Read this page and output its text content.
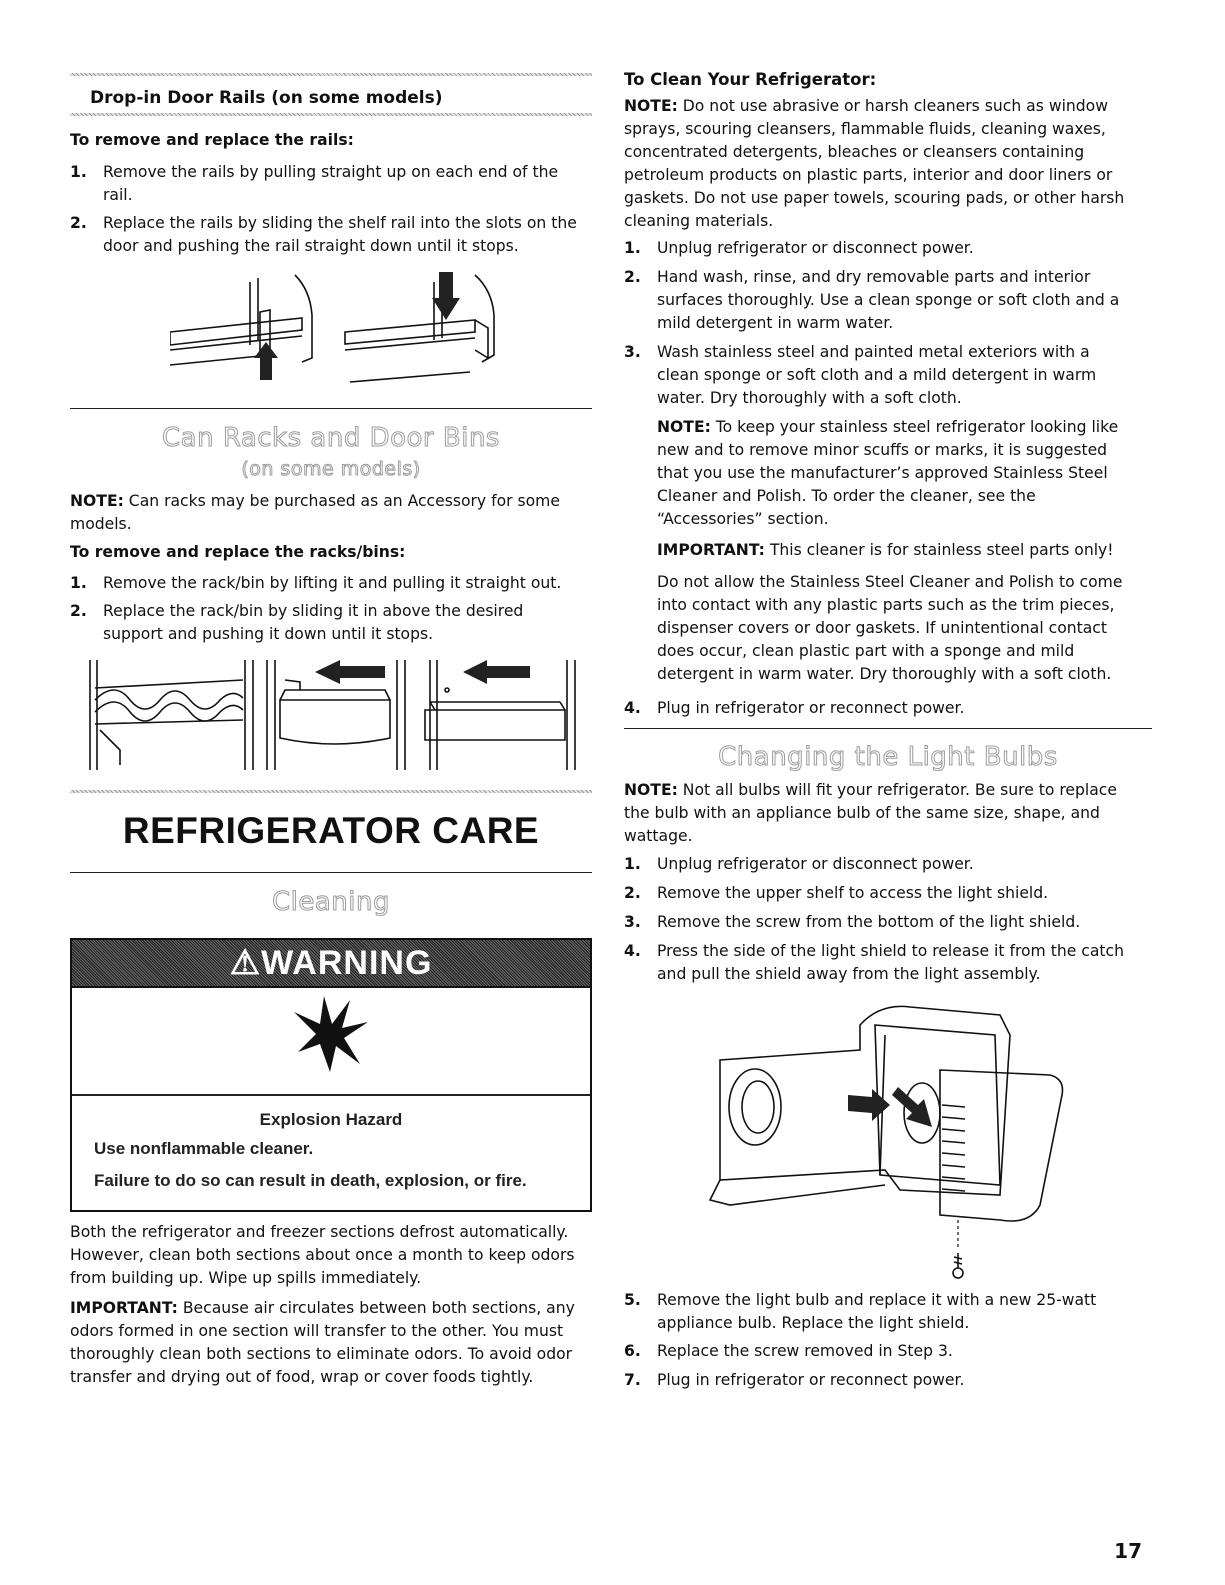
Drop-in Door Rails (on some models)
To remove and replace the rails:
1. Remove the rails by pulling straight up on each end of the
rail.
2. Replace the rails by sliding the shelf rail into the slots on the
door and pushing the rail straight down until it stops.
Can Racks and Door Bins
(on some models)

NOTE: Can racks may be purchased as an Accessory for some
models.

To remove and replace the racks/bins:
1. Remove the rack/bin by lifting it and pulling it straight out.
2. Replace the rack/bin by sliding it in above the desired
support and pushing it down until it stops.
REFRIGERATOR CARE
Cleaning
⚠WARNING
Explosion Hazard
Use nonflammable cleaner.
Failure to do so can result in death, explosion, or fire.
Both the refrigerator and freezer sections defrost automatically.
However, clean both sections about once a month to keep odors
from building up. Wipe up spills immediately.
IMPORTANT: Because air circulates between both sections, any
odors formed in one section will transfer to the other. You must
thoroughly clean both sections to eliminate odors. To avoid odor
transfer and drying out of food, wrap or cover foods tightly.
To Clean Your Refrigerator:
NOTE: Do not use abrasive or harsh cleaners such as window
sprays, scouring cleansers, flammable fluids, cleaning waxes,
concentrated detergents, bleaches or cleansers containing
petroleum products on plastic parts, interior and door liners or
gaskets. Do not use paper towels, scouring pads, or other harsh
cleaning materials.
1. Unplug refrigerator or disconnect power.
2. Hand wash, rinse, and dry removable parts and interior
surfaces thoroughly. Use a clean sponge or soft cloth and a
mild detergent in warm water.
3. Wash stainless steel and painted metal exteriors with a
clean sponge or soft cloth and a mild detergent in warm
water. Dry thoroughly with a soft cloth.
NOTE: To keep your stainless steel refrigerator looking like
new and to remove minor scuffs or marks, it is suggested
that you use the manufacturer’s approved Stainless Steel
Cleaner and Polish. To order the cleaner, see the
“Accessories” section.
IMPORTANT: This cleaner is for stainless steel parts only!
Do not allow the Stainless Steel Cleaner and Polish to come
into contact with any plastic parts such as the trim pieces,
dispenser covers or door gaskets. If unintentional contact
does occur, clean plastic part with a sponge and mild
detergent in warm water. Dry thoroughly with a soft cloth.
4. Plug in refrigerator or reconnect power.
Changing the Light Bulbs
NOTE: Not all bulbs will fit your refrigerator. Be sure to replace
the bulb with an appliance bulb of the same size, shape, and
wattage.
1. Unplug refrigerator or disconnect power.
2. Remove the upper shelf to access the light shield.
3. Remove the screw from the bottom of the light shield.
4. Press the side of the light shield to release it from the catch
and pull the shield away from the light assembly.
5. Remove the light bulb and replace it with a new 25-watt
appliance bulb. Replace the light shield.
6. Replace the screw removed in Step 3.
7. Plug in refrigerator or reconnect power.
17
